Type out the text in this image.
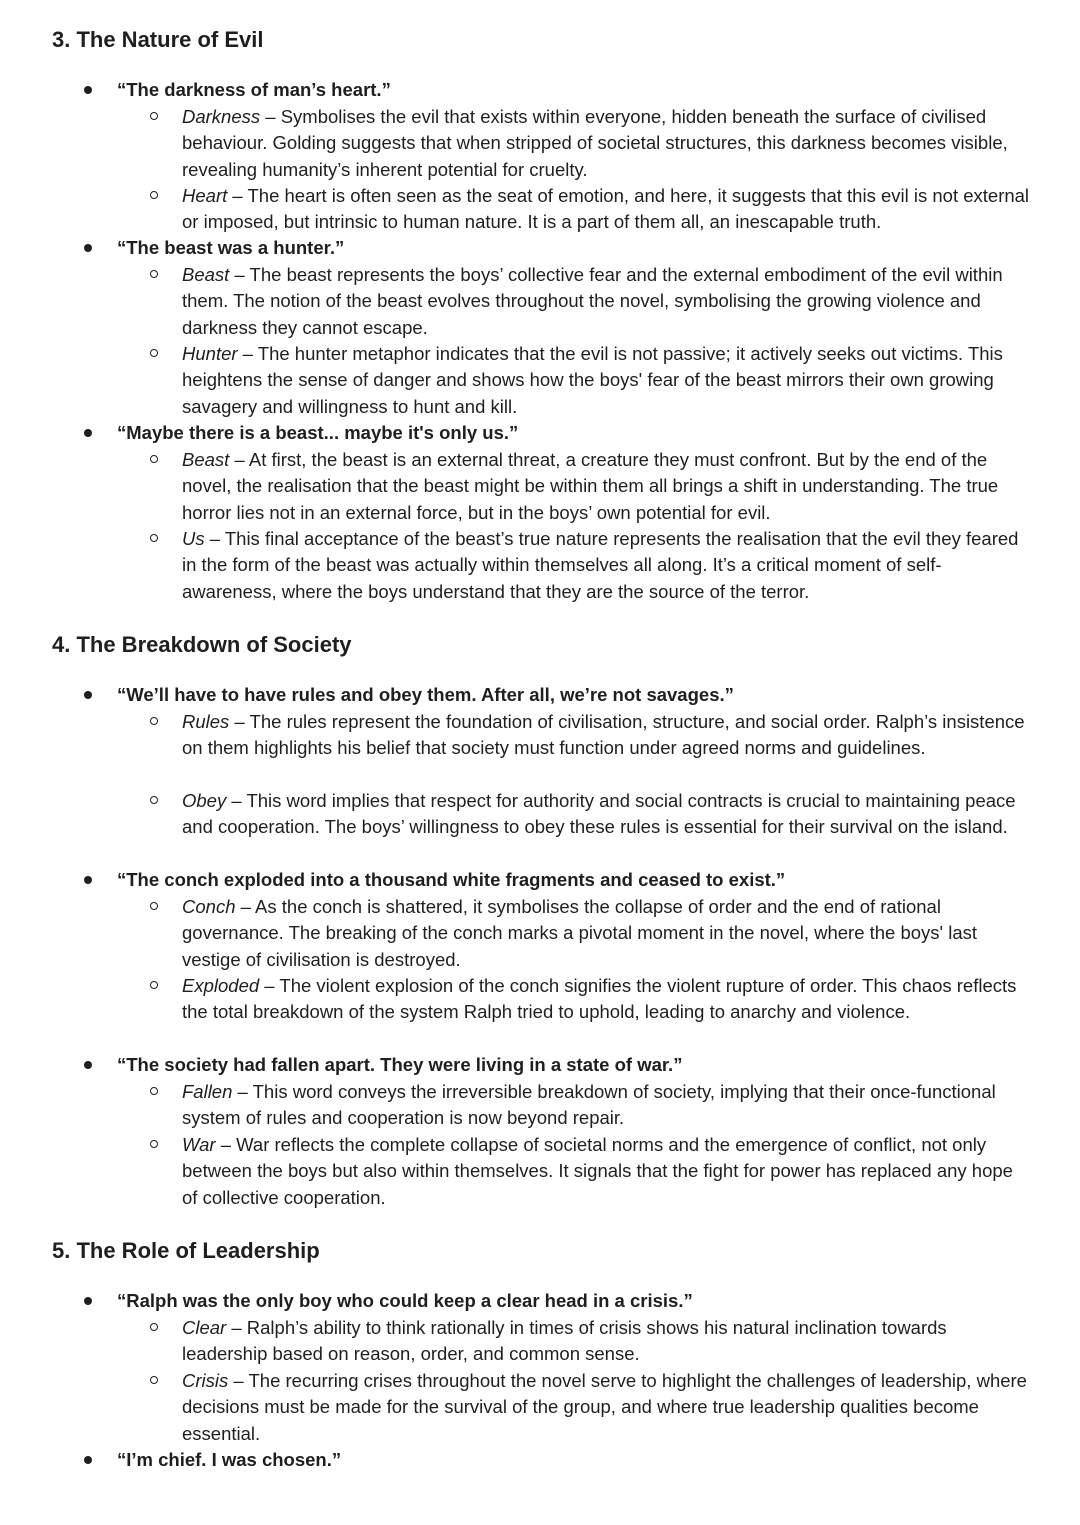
3. The Nature of Evil
“The darkness of man’s heart.”
Darkness – Symbolises the evil that exists within everyone, hidden beneath the surface of civilised behaviour. Golding suggests that when stripped of societal structures, this darkness becomes visible, revealing humanity’s inherent potential for cruelty.
Heart – The heart is often seen as the seat of emotion, and here, it suggests that this evil is not external or imposed, but intrinsic to human nature. It is a part of them all, an inescapable truth.
“The beast was a hunter.”
Beast – The beast represents the boys’ collective fear and the external embodiment of the evil within them. The notion of the beast evolves throughout the novel, symbolising the growing violence and darkness they cannot escape.
Hunter – The hunter metaphor indicates that the evil is not passive; it actively seeks out victims. This heightens the sense of danger and shows how the boys' fear of the beast mirrors their own growing savagery and willingness to hunt and kill.
“Maybe there is a beast... maybe it's only us.”
Beast – At first, the beast is an external threat, a creature they must confront. But by the end of the novel, the realisation that the beast might be within them all brings a shift in understanding. The true horror lies not in an external force, but in the boys’ own potential for evil.
Us – This final acceptance of the beast’s true nature represents the realisation that the evil they feared in the form of the beast was actually within themselves all along. It’s a critical moment of self-awareness, where the boys understand that they are the source of the terror.
4. The Breakdown of Society
“We’ll have to have rules and obey them. After all, we’re not savages.”
Rules – The rules represent the foundation of civilisation, structure, and social order. Ralph’s insistence on them highlights his belief that society must function under agreed norms and guidelines.
Obey – This word implies that respect for authority and social contracts is crucial to maintaining peace and cooperation. The boys’ willingness to obey these rules is essential for their survival on the island.
“The conch exploded into a thousand white fragments and ceased to exist.”
Conch – As the conch is shattered, it symbolises the collapse of order and the end of rational governance. The breaking of the conch marks a pivotal moment in the novel, where the boys' last vestige of civilisation is destroyed.
Exploded – The violent explosion of the conch signifies the violent rupture of order. This chaos reflects the total breakdown of the system Ralph tried to uphold, leading to anarchy and violence.
“The society had fallen apart. They were living in a state of war.”
Fallen – This word conveys the irreversible breakdown of society, implying that their once-functional system of rules and cooperation is now beyond repair.
War – War reflects the complete collapse of societal norms and the emergence of conflict, not only between the boys but also within themselves. It signals that the fight for power has replaced any hope of collective cooperation.
5. The Role of Leadership
“Ralph was the only boy who could keep a clear head in a crisis.”
Clear – Ralph’s ability to think rationally in times of crisis shows his natural inclination towards leadership based on reason, order, and common sense.
Crisis – The recurring crises throughout the novel serve to highlight the challenges of leadership, where decisions must be made for the survival of the group, and where true leadership qualities become essential.
“I’m chief. I was chosen.”
